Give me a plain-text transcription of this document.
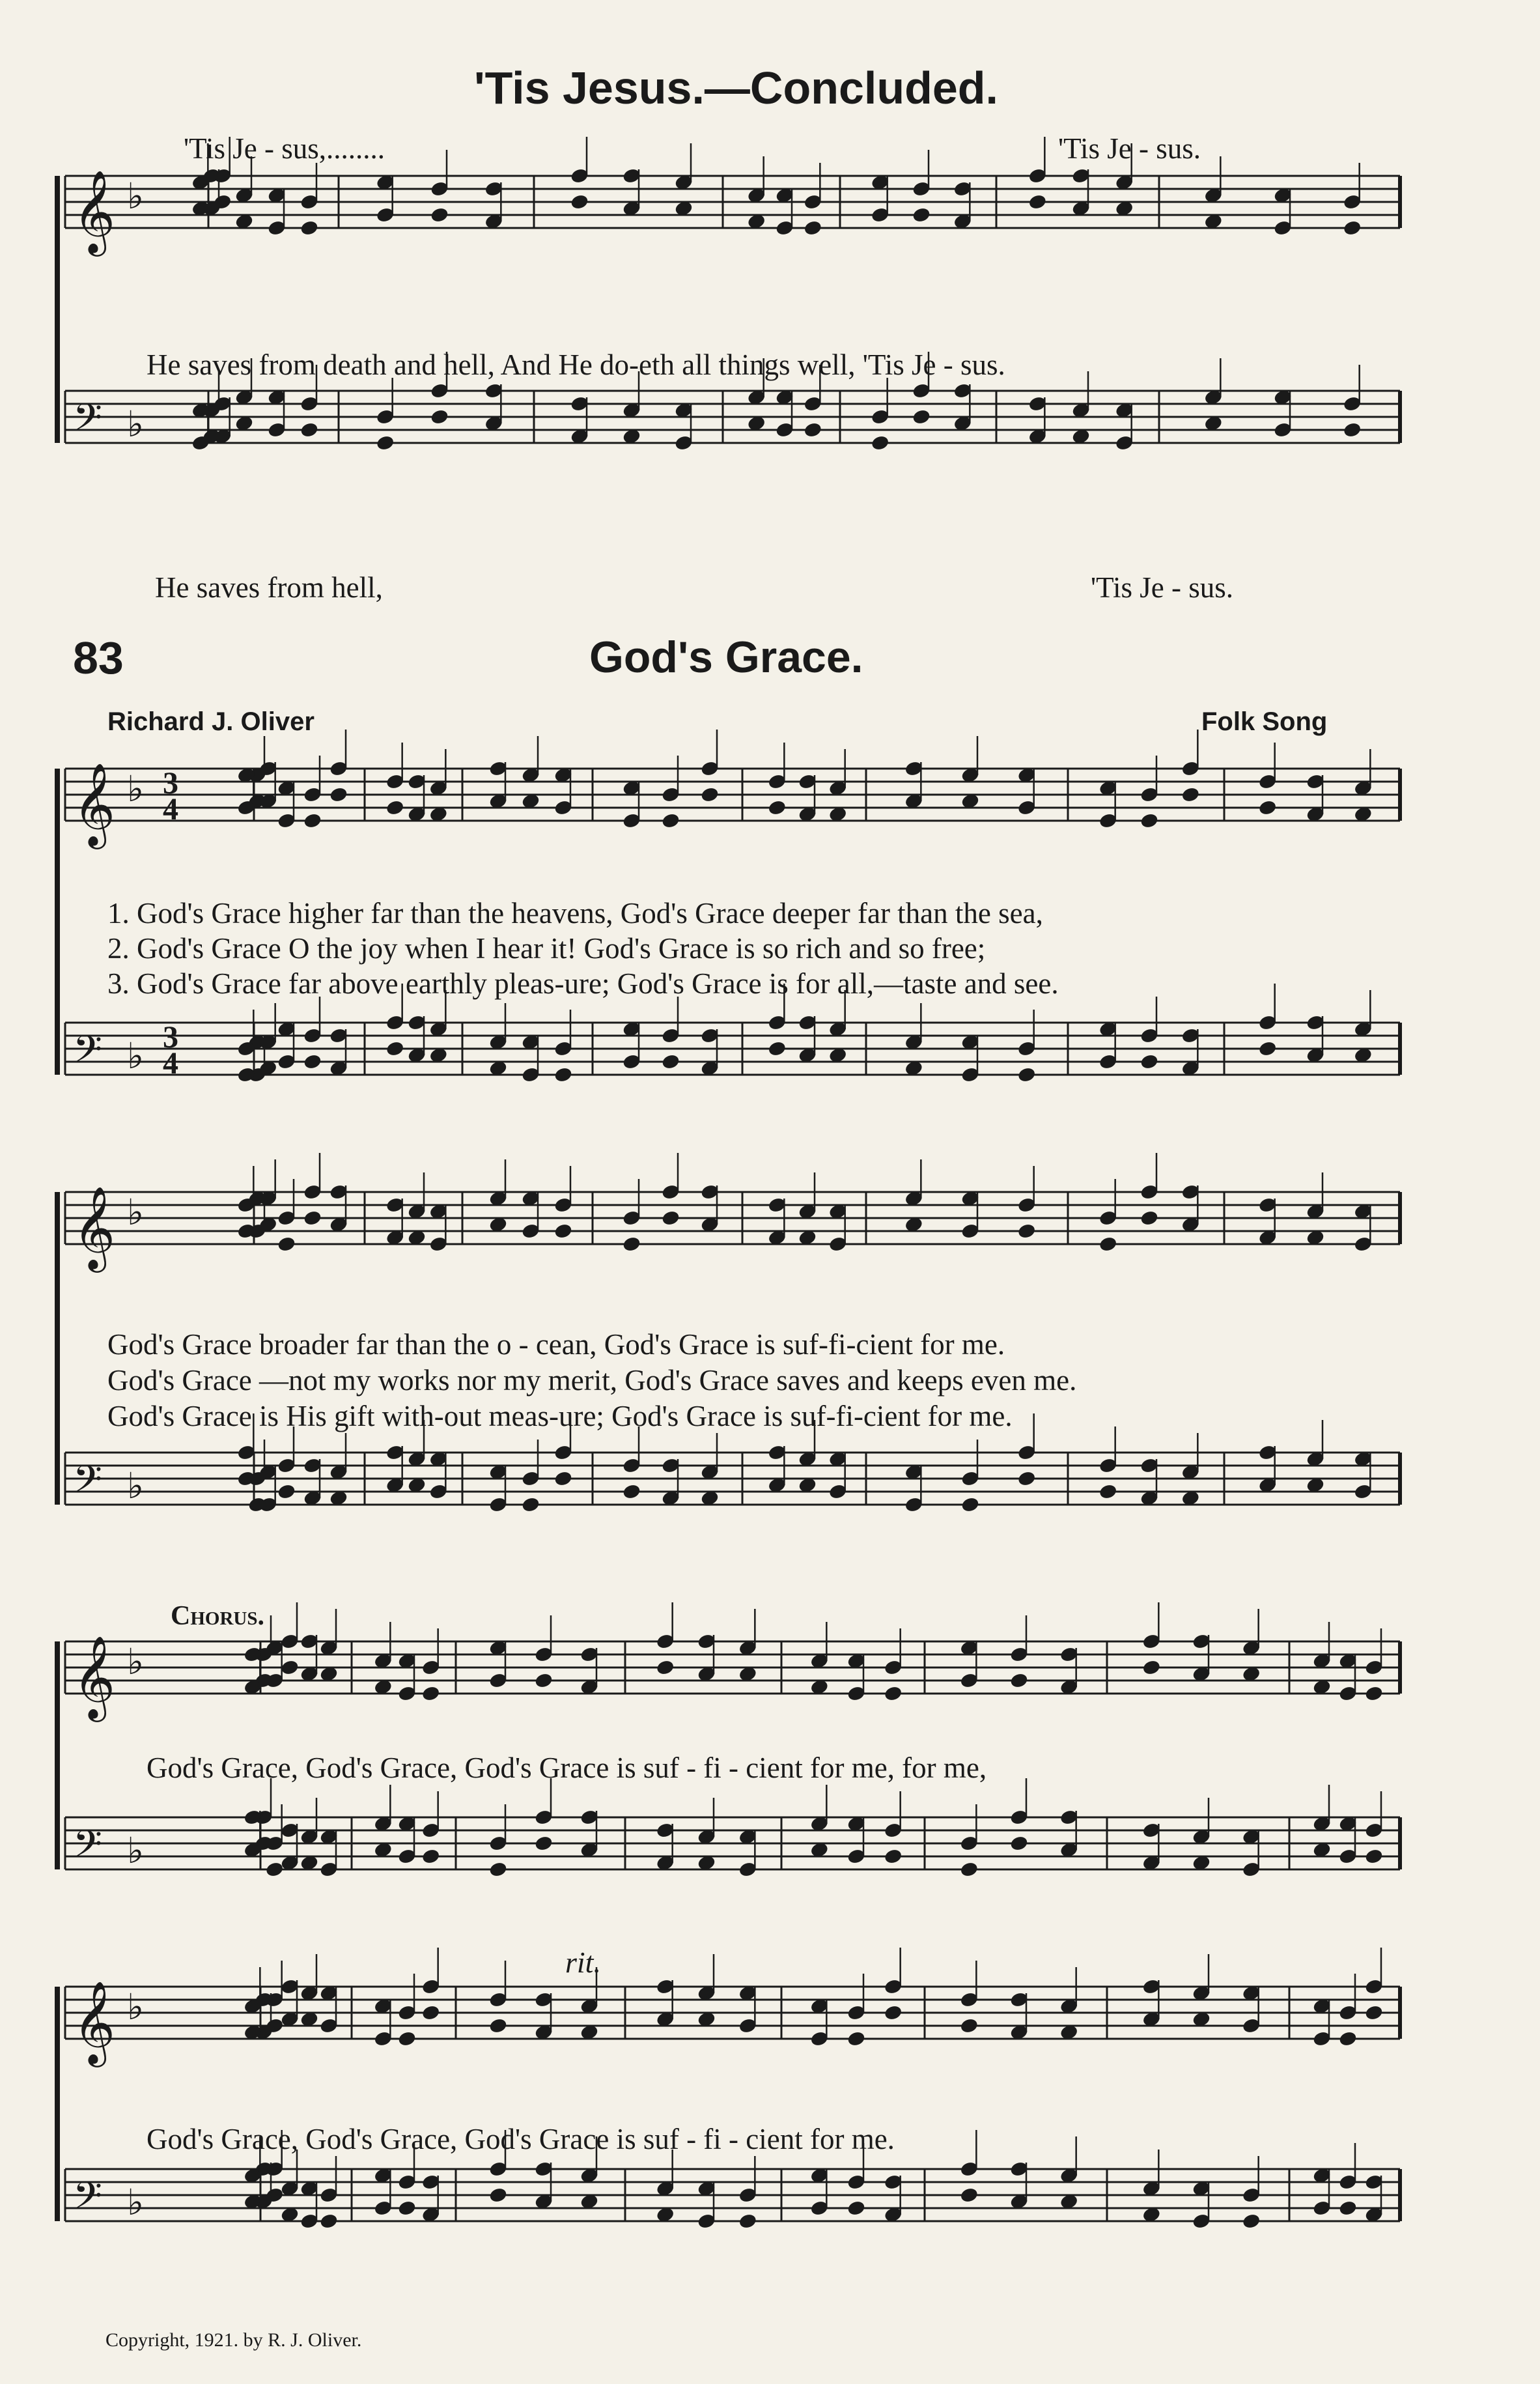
𝄞 ♭
𝄢 ♭
𝄞 ♭
𝄢 ♭
𝄞 ♭
𝄢 ♭
𝄞 ♭
𝄢 ♭
𝄞 ♭
𝄢 ♭
3
4
3
4
'Tis Jesus.—Concluded.
'Tis Je - sus,........	'Tis Je - sus.
He saves from death and hell, And He do-eth all things well, 'Tis Je - sus.
He saves from hell,	'Tis Je - sus.
83	God's Grace.
Richard J. Oliver	Folk Song
1. God's Grace higher far than the heavens, God's Grace deeper far than the sea,
2. God's Grace O the joy when I hear it! God's Grace is so rich and so free;
3. God's Grace far above earthly pleas-ure; God's Grace is for all,—taste and see.
God's Grace broader far than the o - cean, God's Grace is suf-fi-cient for me.
God's Grace —not my works nor my merit, God's Grace saves and keeps even me.
God's Grace is His gift with-out meas-ure; God's Grace is suf-fi-cient for me.
Chorus.
God's Grace, God's Grace, God's Grace is suf - fi - cient for me, for me,
rit.
God's Grace, God's Grace, God's Grace is suf - fi - cient for me.
Copyright, 1921. by R. J. Oliver.
